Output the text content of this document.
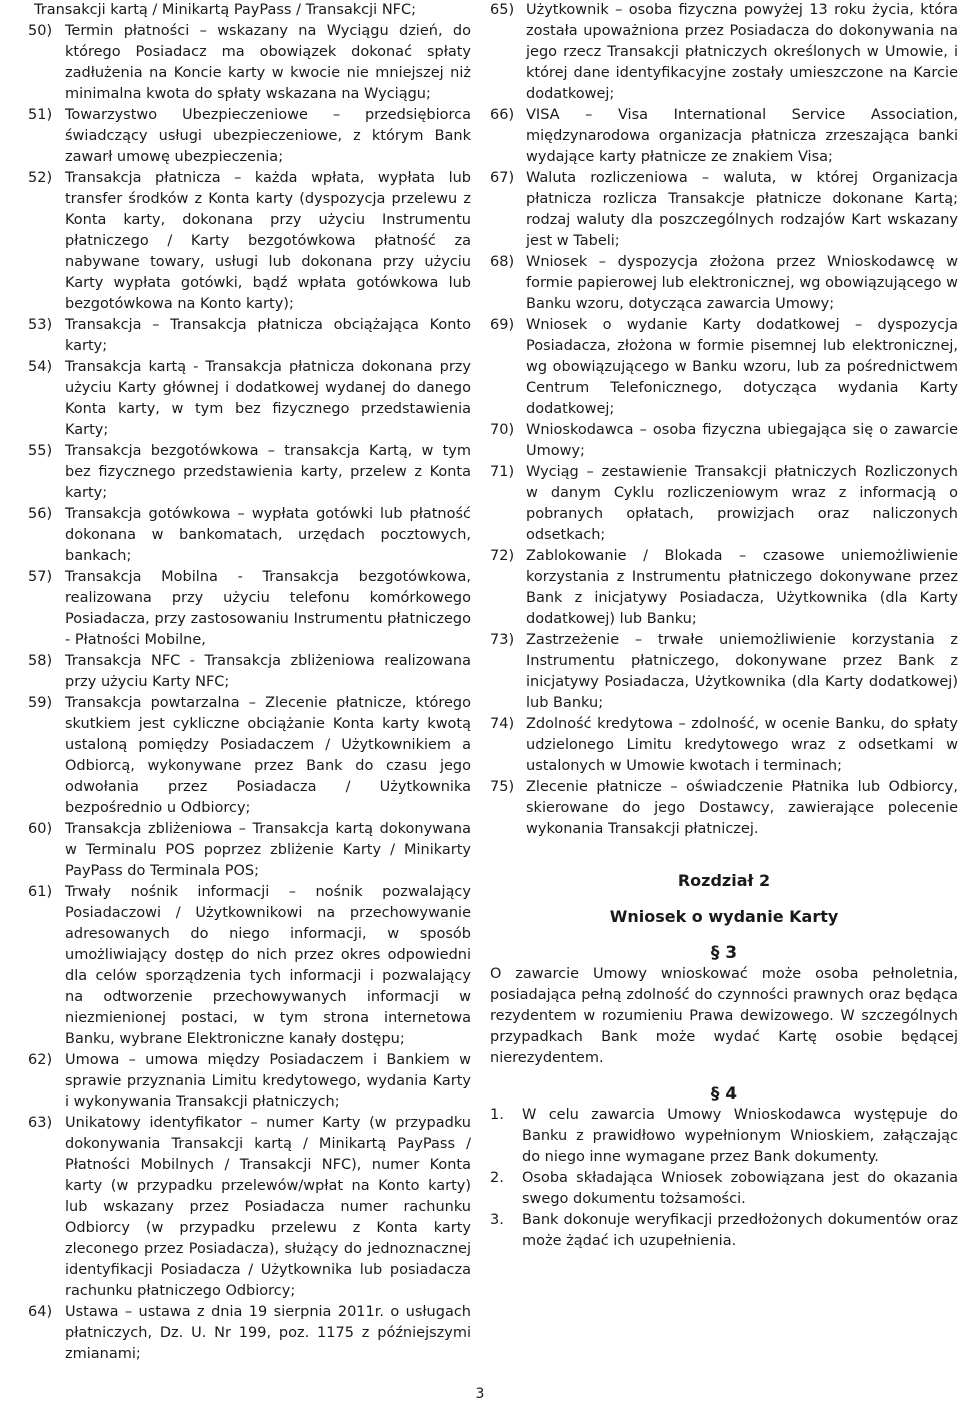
Transakcji kartą / Minikartą PayPass / Transakcji NFC;

50) Termin płatności – wskazany na Wyciągu dzień, do którego Posiadacz ma obowiązek dokonać spłaty zadłużenia na Koncie karty w kwocie nie mniejszej niż minimalna kwota do spłaty wskazana na Wyciągu;
51) Towarzystwo Ubezpieczeniowe – przedsiębiorca świadczący usługi ubezpieczeniowe, z którym Bank zawarł umowę ubezpieczenia;
52) Transakcja płatnicza – każda wpłata, wypłata lub transfer środków z Konta karty (dyspozycja przelewu z Konta karty, dokonana przy użyciu Instrumentu płatniczego / Karty bezgotówkowa płatność za nabywane towary, usługi lub dokonana przy użyciu Karty wypłata gotówki, bądź wpłata gotówkowa lub bezgotówkowa na Konto karty);
53) Transakcja – Transakcja płatnicza obciążająca Konto karty;
54) Transakcja kartą - Transakcja płatnicza dokonana przy użyciu Karty głównej i dodatkowej wydanej do danego Konta karty, w tym bez fizycznego przedstawienia Karty;
55) Transakcja bezgotówkowa – transakcja Kartą, w tym bez fizycznego przedstawienia karty, przelew z Konta karty;
56) Transakcja gotówkowa – wypłata gotówki lub płatność dokonana w bankomatach, urzędach pocztowych, bankach;
57) Transakcja Mobilna - Transakcja bezgotówkowa, realizowana przy użyciu telefonu komórkowego Posiadacza, przy zastosowaniu Instrumentu płatniczego - Płatności Mobilne,
58) Transakcja NFC - Transakcja zbliżeniowa realizowana przy użyciu Karty NFC;
59) Transakcja powtarzalna – Zlecenie płatnicze, którego skutkiem jest cykliczne obciążanie Konta karty kwotą ustaloną pomiędzy Posiadaczem / Użytkownikiem a Odbiorcą, wykonywane przez Bank do czasu jego odwołania przez Posiadacza / Użytkownika bezpośrednio u Odbiorcy;
60) Transakcja zbliżeniowa – Transakcja kartą dokonywana w Terminalu POS poprzez zbliżenie Karty / Minikarty PayPass do Terminala POS;
61) Trwały nośnik informacji – nośnik pozwalający Posiadaczowi / Użytkownikowi na przechowywanie adresowanych do niego informacji, w sposób umożliwiający dostęp do nich przez okres odpowiedni dla celów sporządzenia tych informacji i pozwalający na odtworzenie przechowywanych informacji w niezmienionej postaci, w tym strona internetowa Banku, wybrane Elektroniczne kanały dostępu;
62) Umowa – umowa między Posiadaczem i Bankiem w sprawie przyznania Limitu kredytowego, wydania Karty i wykonywania Transakcji płatniczych;
63) Unikatowy identyfikator – numer Karty (w przypadku dokonywania Transakcji kartą / Minikartą PayPass / Płatności Mobilnych / Transakcji NFC), numer Konta karty (w przypadku przelewów/wpłat na Konto karty) lub wskazany przez Posiadacza numer rachunku Odbiorcy (w przypadku przelewu z Konta karty zleconego przez Posiadacza), służący do jednoznacznej identyfikacji Posiadacza / Użytkownika lub posiadacza rachunku płatniczego Odbiorcy;
64) Ustawa – ustawa z dnia 19 sierpnia 2011r. o usługach płatniczych, Dz. U. Nr 199, poz. 1175 z późniejszymi zmianami;
65) Użytkownik – osoba fizyczna powyżej 13 roku życia, która została upoważniona przez Posiadacza do dokonywania na jego rzecz Transakcji płatniczych określonych w Umowie, i której dane identyfikacyjne zostały umieszczone na Karcie dodatkowej;
66) VISA – Visa International Service Association, międzynarodowa organizacja płatnicza zrzeszająca banki wydające karty płatnicze ze znakiem Visa;
67) Waluta rozliczeniowa – waluta, w której Organizacja płatnicza rozlicza Transakcje płatnicze dokonane Kartą; rodzaj waluty dla poszczególnych rodzajów Kart wskazany jest w Tabeli;
68) Wniosek – dyspozycja złożona przez Wnioskodawcę w formie papierowej lub elektronicznej, wg obowiązującego w Banku wzoru, dotycząca zawarcia Umowy;
69) Wniosek o wydanie Karty dodatkowej – dyspozycja Posiadacza, złożona w formie pisemnej lub elektronicznej, wg obowiązującego w Banku wzoru, lub za pośrednictwem Centrum Telefonicznego, dotycząca wydania Karty dodatkowej;
70) Wnioskodawca – osoba fizyczna ubiegająca się o zawarcie Umowy;
71) Wyciąg – zestawienie Transakcji płatniczych Rozliczonych w danym Cyklu rozliczeniowym wraz z informacją o pobranych opłatach, prowizjach oraz naliczonych odsetkach;
72) Zablokowanie / Blokada – czasowe uniemożliwienie korzystania z Instrumentu płatniczego dokonywane przez Bank z inicjatywy Posiadacza, Użytkownika (dla Karty dodatkowej) lub Banku;
73) Zastrzeżenie – trwałe uniemożliwienie korzystania z Instrumentu płatniczego, dokonywane przez Bank z inicjatywy Posiadacza, Użytkownika (dla Karty dodatkowej) lub Banku;
74) Zdolność kredytowa – zdolność, w ocenie Banku, do spłaty udzielonego Limitu kredytowego wraz z odsetkami w ustalonych w Umowie kwotach i terminach;
75) Zlecenie płatnicze – oświadczenie Płatnika lub Odbiorcy, skierowane do jego Dostawcy, zawierające polecenie wykonania Transakcji płatniczej.

Rozdział 2

Wniosek o wydanie Karty

§ 3

O zawarcie Umowy wnioskować może osoba pełnoletnia, posiadająca pełną zdolność do czynności prawnych oraz będąca rezydentem w rozumieniu Prawa dewizowego. W szczególnych przypadkach Bank może wydać Kartę osobie będącej nierezydentem.

§ 4

1.	W celu zawarcia Umowy Wnioskodawca występuje do Banku z prawidłowo wypełnionym Wnioskiem, załączając do niego inne wymagane przez Bank dokumenty.
2.	Osoba składająca Wniosek zobowiązana jest do okazania swego dokumentu tożsamości.
3.	Bank dokonuje weryfikacji przedłożonych dokumentów oraz może żądać ich uzupełnienia.
3
